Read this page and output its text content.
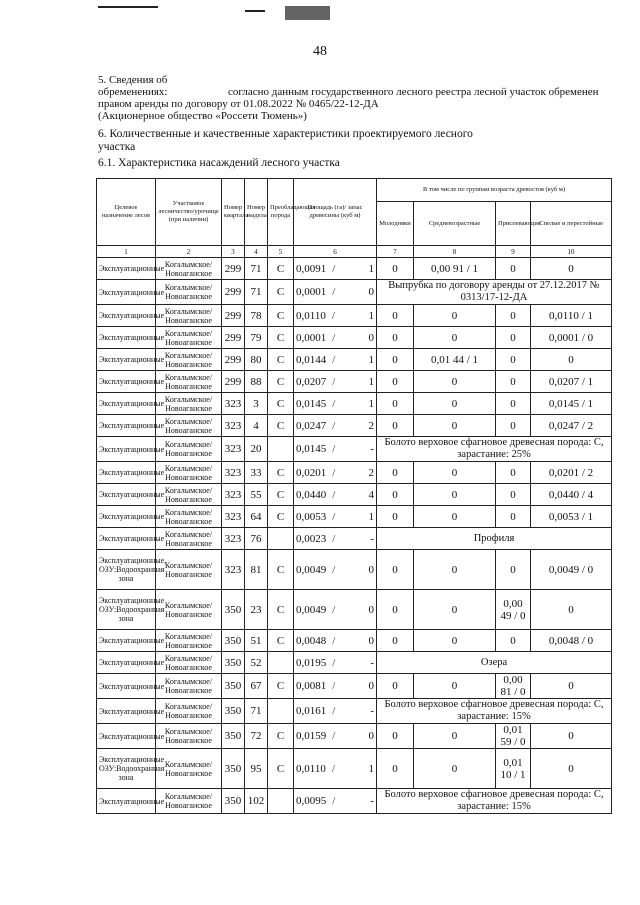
48
5. Сведения об
обременениях:	согласно данным государственного лесного реестра лесной участок обременен
правом аренды по договору от 01.08.2022 № 0465/22-12-ДА
(Акционерное общество «Россети Тюмень»)
6. Количественные и качественные характеристики проектируемого лесного
участка
6.1. Характеристика насаждений лесного участка
Целевое назначение лесов	Участковое лесничество/урочище (при наличии)	Номер квартала	Номер выдела	Преобладающая порода	Площадь (га)/ запас древесины (куб м)	В том числе по группам возраста древостоя (куб м)			
						Молодняки	Средневозрастные	Приспевающие	Спелые и перестойные
1	2	3	4	5	6	7	8	9	10
Эксплуатационные	Когалымское/ Новоаганское	299	71	С	0,0091 / 1	0	0,00 91 / 1	0	0
Эксплуатационные	Когалымское/ Новоаганское	299	71	С	0,0001 / 0	Выпрубка по договору аренды от 27.12.2017 № 0313/17-12-ДА			
Эксплуатационные	Когалымское/ Новоаганское	299	78	С	0,0110 / 1	0	0	0	0,0110 / 1
Эксплуатационные	Когалымское/ Новоаганское	299	79	С	0,0001 / 0	0	0	0	0,0001 / 0
Эксплуатационные	Когалымское/ Новоаганское	299	80	С	0,0144 / 1	0	0,01 44 / 1	0	0
Эксплуатационные	Когалымское/ Новоаганское	299	88	С	0,0207 / 1	0	0	0	0,0207 / 1
Эксплуатационные	Когалымское/ Новоаганское	323	3	С	0,0145 / 1	0	0	0	0,0145 / 1
Эксплуатационные	Когалымское/ Новоаганское	323	4	С	0,0247 / 2	0	0	0	0,0247 / 2
Эксплуатационные	Когалымское/ Новоаганское	323	20		0,0145 / -	Болото верховое сфагновое древесная порода: С, зарастание: 25%			
Эксплуатационные	Когалымское/ Новоаганское	323	33	С	0,0201 / 2	0	0	0	0,0201 / 2
Эксплуатационные	Когалымское/ Новоаганское	323	55	С	0,0440 / 4	0	0	0	0,0440 / 4
Эксплуатационные	Когалымское/ Новоаганское	323	64	С	0,0053 / 1	0	0	0	0,0053 / 1
Эксплуатационные	Когалымское/ Новоаганское	323	76		0,0023 / -	Профиля			
Эксплуатационные, ОЗУ:Водоохранная зона	Когалымское/ Новоаганское	323	81	С	0,0049 / 0	0	0	0	0,0049 / 0
Эксплуатационные ОЗУ:Водоохранная зона	Когалымское/ Новоаганское	350	23	С	0,0049 / 0	0	0	0,00 49 / 0	0
Эксплуатационные	Когалымское/ Новоаганское	350	51	С	0,0048 / 0	0	0	0	0,0048 / 0
Эксплуатационные	Когалымское/ Новоаганское	350	52		0,0195 / -	Озера			
Эксплуатационные	Когалымское/ Новоаганское	350	67	С	0,0081 / 0	0	0	0,00 81 / 0	0
Эксплуатационные	Когалымское/ Новоаганское	350	71		0,0161 / -	Болото верховое сфагновое древесная порода: С, зарастание: 15%			
Эксплуатационные	Когалымское/ Новоаганское	350	72	С	0,0159 / 0	0	0	0,01 59 / 0	0
Эксплуатационные ОЗУ:Водоохранная зона	Когалымское/ Новоаганское	350	95	С	0,0110 / 1	0	0	0,01 10 / 1	0
Эксплуатационные	Когалымское/ Новоаганское	350	102		0,0095 / -	Болото верховое сфагновое древесная порода: С, зарастание: 15%			
